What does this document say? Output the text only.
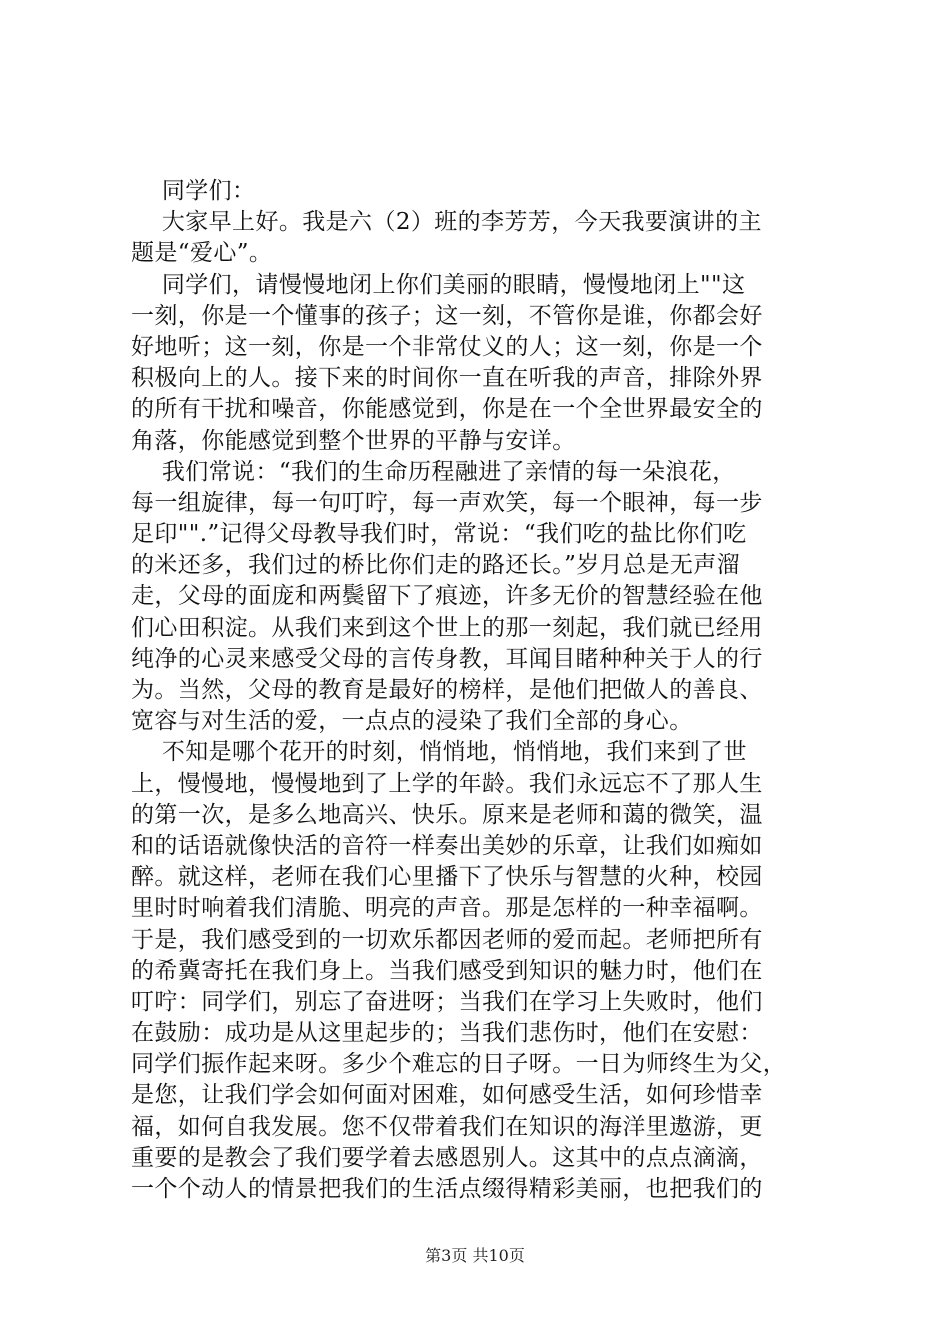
同学们：
大家早上好。我是六（2）班的李芳芳，今天我要演讲的主
题是“爱心”。
同学们，请慢慢地闭上你们美丽的眼睛，慢慢地闭上""这
一刻，你是一个懂事的孩子；这一刻，不管你是谁，你都会好
好地听；这一刻，你是一个非常仗义的人；这一刻，你是一个
积极向上的人。接下来的时间你一直在听我的声音，排除外界
的所有干扰和噪音，你能感觉到，你是在一个全世界最安全的
角落，你能感觉到整个世界的平静与安详。
我们常说：“我们的生命历程融进了亲情的每一朵浪花，
每一组旋律，每一句叮咛，每一声欢笑，每一个眼神，每一步
足印"".”记得父母教导我们时，常说：“我们吃的盐比你们吃
的米还多，我们过的桥比你们走的路还长。”岁月总是无声溜
走，父母的面庞和两鬓留下了痕迹，许多无价的智慧经验在他
们心田积淀。从我们来到这个世上的那一刻起，我们就已经用
纯净的心灵来感受父母的言传身教，耳闻目睹种种关于人的行
为。当然，父母的教育是最好的榜样，是他们把做人的善良、
宽容与对生活的爱，一点点的浸染了我们全部的身心。
不知是哪个花开的时刻，悄悄地，悄悄地，我们来到了世
上，慢慢地，慢慢地到了上学的年龄。我们永远忘不了那人生
的第一次，是多么地高兴、快乐。原来是老师和蔼的微笑，温
和的话语就像快活的音符一样奏出美妙的乐章，让我们如痴如
醉。就这样，老师在我们心里播下了快乐与智慧的火种，校园
里时时响着我们清脆、明亮的声音。那是怎样的一种幸福啊。
于是，我们感受到的一切欢乐都因老师的爱而起。老师把所有
的希冀寄托在我们身上。当我们感受到知识的魅力时，他们在
叮咛：同学们，别忘了奋进呀；当我们在学习上失败时，他们
在鼓励：成功是从这里起步的；当我们悲伤时，他们在安慰：
同学们振作起来呀。多少个难忘的日子呀。一日为师终生为父，
是您，让我们学会如何面对困难，如何感受生活，如何珍惜幸
福，如何自我发展。您不仅带着我们在知识的海洋里遨游，更
重要的是教会了我们要学着去感恩别人。这其中的点点滴滴，
一个个动人的情景把我们的生活点缀得精彩美丽，也把我们的
第3页 共10页
